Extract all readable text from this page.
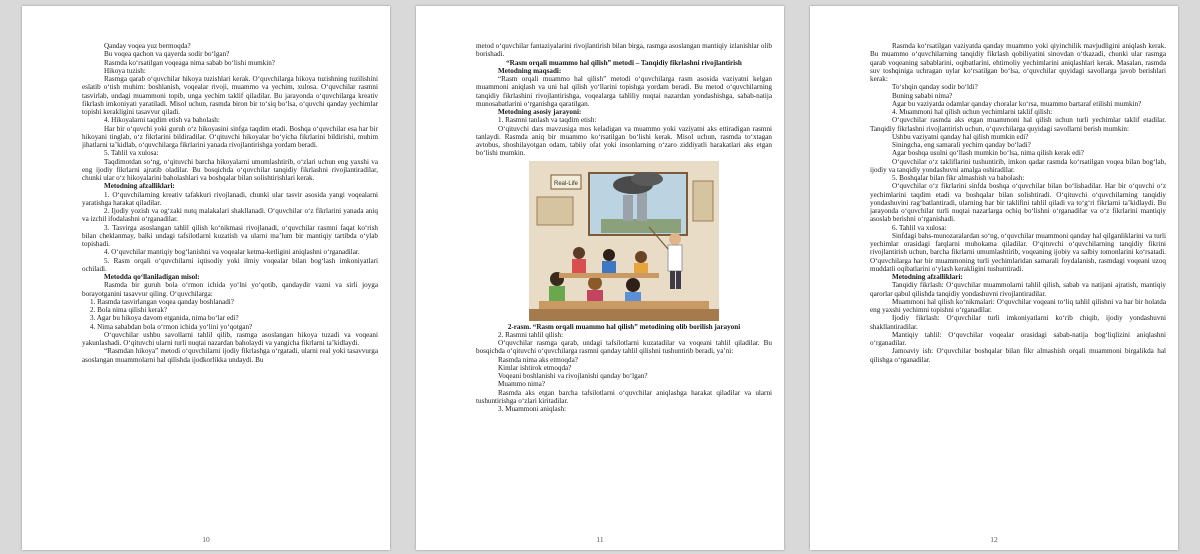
Qanday voqea yuz bermoqda?

Bu voqea qachon va qayerda sodir bo‘lgan?

Rasmda ko‘rsatilgan voqeaga nima sabab bo‘lishi mumkin?

Hikoya tuzish:

Rasmga qarab o‘quvchilar hikoya tuzishlari kerak. O‘quvchilarga hikoya tuzishning tuzilishini eslatib o‘tish muhim: boshlanish, voqealar rivoji, muammo va yechim, xulosa. O‘quvchilar rasmni tasvirlab, undagi muammoni topib, unga yechim taklif qiladilar. Bu jarayonda o‘quvchilarga kreativ fikrlash imkoniyati yaratiladi. Misol uchun, rasmda biron bir to‘siq bo‘lsa, o‘quvchi qanday yechimlar topishi kerakligini tasavvur qiladi.

4. Hikoyalarni taqdim etish va baholash:

Har bir o‘quvchi yoki guruh o‘z hikoyasini sinfga taqdim etadi. Boshqa o‘quvchilar esa har bir hikoyani tinglab, o‘z fikrlarini bildiradilar. O‘qituvchi hikoyalar bo‘yicha fikrlarini bildirishi, muhim jihatlarni ta’kidlab, o‘quvchilarga fikrlarini yanada rivojlantirishga yordam beradi.

5. Tahlil va xulosa:

Taqdimotdan so‘ng, o‘qituvchi barcha hikoyalarni umumlashtirib, o‘zlari uchun eng yaxshi va eng ijodiy fikrlarni ajratib oladilar. Bu bosqichda o‘quvchilar tanqidiy fikrlashni rivojlantiradilar, chunki ular o‘z hikoyalarini baholashlari va boshqalar bilan solishtirishlari kerak.

Metodning afzalliklari:

1. O‘quvchilarning kreativ tafakkuri rivojlanadi, chunki ular tasvir asosida yangi voqealarni yaratishga harakat qiladilar.

2. Ijodiy yozish va og‘zaki nutq malakalari shakllanadi. O‘quvchilar o‘z fikrlarini yanada aniq va izchil ifodalashni o‘rganadilar.

3. Tasvirga asoslangan tahlil qilish ko‘nikmasi rivojlanadi, o‘quvchilar rasmni faqat ko‘rish bilan cheklanmay, balki undagi tafsilotlarni kuzatish va ularni ma’lum bir mantiqiy tartibda o‘ylab topishadi.

4. O‘quvchilar mantiqiy bog‘lanishni va voqealar ketma-ketligini aniqlashni o‘rganadilar.

5. Rasm orqali o‘quvchilarni iqtisodiy yoki ilmiy voqealar bilan bog‘lash imkoniyatlari ochiladi.

Metodda qo‘llaniladigan misol:

Rasmda bir guruh bola o‘rmon ichida yo‘lni yo‘qotib, qandaydir vazni va sirli joyga borayotganini tasavvur qiling. O‘quvchilarga:

1. Rasmda tasvirlangan voqea qanday boshlanadi?

2. Bola nima qilishi kerak?

3. Agar bu hikoya davom etganida, nima bo‘lar edi?

4. Nima sababdan bola o‘rmon ichida yo‘lini yo‘qotgan?

O‘quvchilar ushbu savollarni tahlil qilib, rasmga asoslangan hikoya tuzadi va voqeani yakunlashadi. O‘qituvchi ularni turli nuqtai nazardan baholaydi va yangicha fikrlarni ta’kidlaydi.

“Rasmdan hikoya” metodi o‘quvchilarni ijodiy fikrlashga o‘rgatadi, ularni real yoki tasavvurga asoslangan muammolarni hal qilishda ijodkorlikka undaydi. Bu

10

metod o‘quvchilar fantaziyalarini rivojlantirish bilan birga, rasmga asoslangan mantiqiy izlanishlar olib borishadi.

“Rasm orqali muammo hal qilish” metodi – Tanqidiy fikrlashni rivojlantirish

Metodning maqsadi:

“Rasm orqali muammo hal qilish” metodi o‘quvchilarga rasm asosida vaziyatni kelgan muammoni aniqlash va uni hal qilish yo‘llarini topishga yordam beradi. Bu metod o‘quvchilarning tanqidiy fikrlashini rivojlantirishga, voqealarga tahliliy nuqtai nazardan yondashishga, sabab-natija munosabatlarini o‘rganishga qaratilgan.

Metodning asosiy jarayoni:

1. Rasmni tanlash va taqdim etish:

O‘qituvchi dars mavzusiga mos keladigan va muammo yoki vaziyatni aks ettiradigan rasmni tanlaydi. Rasmda aniq bir muammo ko‘rsatilgan bo‘lishi kerak. Misol uchun, rasmda to‘xtagan avtobus, shoshilayotgan odam, tabiiy ofat yoki insonlarning o‘zaro ziddiyatli harakatlari aks etgan bo‘lishi mumkin.

Real-Life

2-rasm. “Rasm orqali muammo hal qilish” metodining olib borilish jarayoni

2. Rasmni tahlil qilish:

O‘quvchilar rasmga qarab, undagi tafsilotlarni kuzatadilar va voqeani tahlil qiladilar. Bu bosqichda o‘qituvchi o‘quvchilarga rasmni qanday tahlil qilishni tushuntirib beradi, ya’ni:

Rasmda nima aks etmoqda?

Kimlar ishtirok etmoqda?

Voqeani boshlanishi va rivojlanishi qanday bo‘lgan?

Muammo nima?

Rasmda aks etgan barcha tafsilotlarni o‘quvchilar aniqlashga harakat qiladilar va ularni tushuntirishga o‘zlari kiritadilar.

3. Muammoni aniqlash:

11

Rasmda ko‘rsatilgan vaziyatda qanday muammo yoki qiyinchilik mavjudligini aniqlash kerak. Bu muammo o‘quvchilarning tanqidiy fikrlash qobiliyatini sinovdan o‘tkazadi, chunki ular rasmga qarab voqeaning sabablarini, oqibatlarini, ehtimoliy yechimlarini aniqlashlari kerak. Masalan, rasmda suv toshqiniga uchragan uylar ko‘rsatilgan bo‘lsa, o‘quvchilar quyidagi savollarga javob berishlari kerak:

To‘shqin qanday sodir bo‘ldi?

Buning sababi nima?

Agar bu vaziyatda odamlar qanday choralar ko‘rsa, muammo bartaraf etilishi mumkin?

4. Muammoni hal qilish uchun yechimlarni taklif qilish:

O‘quvchilar rasmda aks etgan muammoni hal qilish uchun turli yechimlar taklif etadilar. Tanqidiy fikrlashni rivojlantirish uchun, o‘quvchilarga quyidagi savollarni berish mumkin:

Ushbu vaziyatni qanday hal qilish mumkin edi?

Siningcha, eng samarali yechim qanday bo‘ladi?

Agar boshqa usulni qo‘llash mumkin bo‘lsa, nima qilish kerak edi?

O‘quvchilar o‘z takliflarini tushuntirib, imkon qadar rasmda ko‘rsatilgan voqea bilan bog‘lab, ijodiy va tanqidiy yondashuvni amalga oshiradilar.

5. Boshqalar bilan fikr almashish va baholash:

O‘quvchilar o‘z fikrlarini sinfda boshqa o‘quvchilar bilan bo‘lishadilar. Har bir o‘quvchi o‘z yechimlarini taqdim etadi va boshqalar bilan solishtiradi. O‘qituvchi o‘quvchilarning tanqidiy yondashuvini rag‘batlantiradi, ularning har bir taklifini tahlil qiladi va to‘g‘ri fikrlarni ta’kidlaydi. Bu jarayonda o‘quvchilar turli nuqtai nazarlarga ochiq bo‘lishni o‘rganadilar va o‘z fikrlarini mantiqiy asoslab berishni o‘rganishadi.

6. Tahlil va xulosa:

Sinfdagi bahs-munozaralardan so‘ng, o‘quvchilar muammoni qanday hal qilganliklarini va turli yechimlar orasidagi farqlarni muhokama qiladilar. O‘qituvchi o‘quvchilarning tanqidiy fikrini rivojlantirish uchun, barcha fikrlarni umumlashtirib, voqeaning ijobiy va salbiy tomonlarini ko‘rsatadi. O‘quvchilarga har bir muammoning turli yechimlaridan samarali foydalanish, rasmdagi voqeani uzoq muddatli oqibatlarini o‘ylash kerakligini tushuntiradi.

Metodning afzalliklari:

Tanqidiy fikrlash: O‘quvchilar muammolarni tahlil qilish, sabab va natijani ajratish, mantiqiy qarorlar qabul qilishda tanqidiy yondashuvni rivojlantiradilar.

Muammoni hal qilish ko‘nikmalari: O‘quvchilar voqeani to‘liq tahlil qilishni va har bir holatda eng yaxshi yechimni topishni o‘rganadilar.

Ijodiy fikrlash: O‘quvchilar turli imkoniyatlarni ko‘rib chiqib, ijodiy yondashuvni shakllantiradilar.

Mantiqiy tahlil: O‘quvchilar voqealar orasidagi sabab-natija bog‘liqlizini aniqlashni o‘rganadilar.

Jamoaviy ish: O‘quvchilar boshqalar bilan fikr almashish orqali muammoni birgalikda hal qilishga o‘rganadilar.

12
